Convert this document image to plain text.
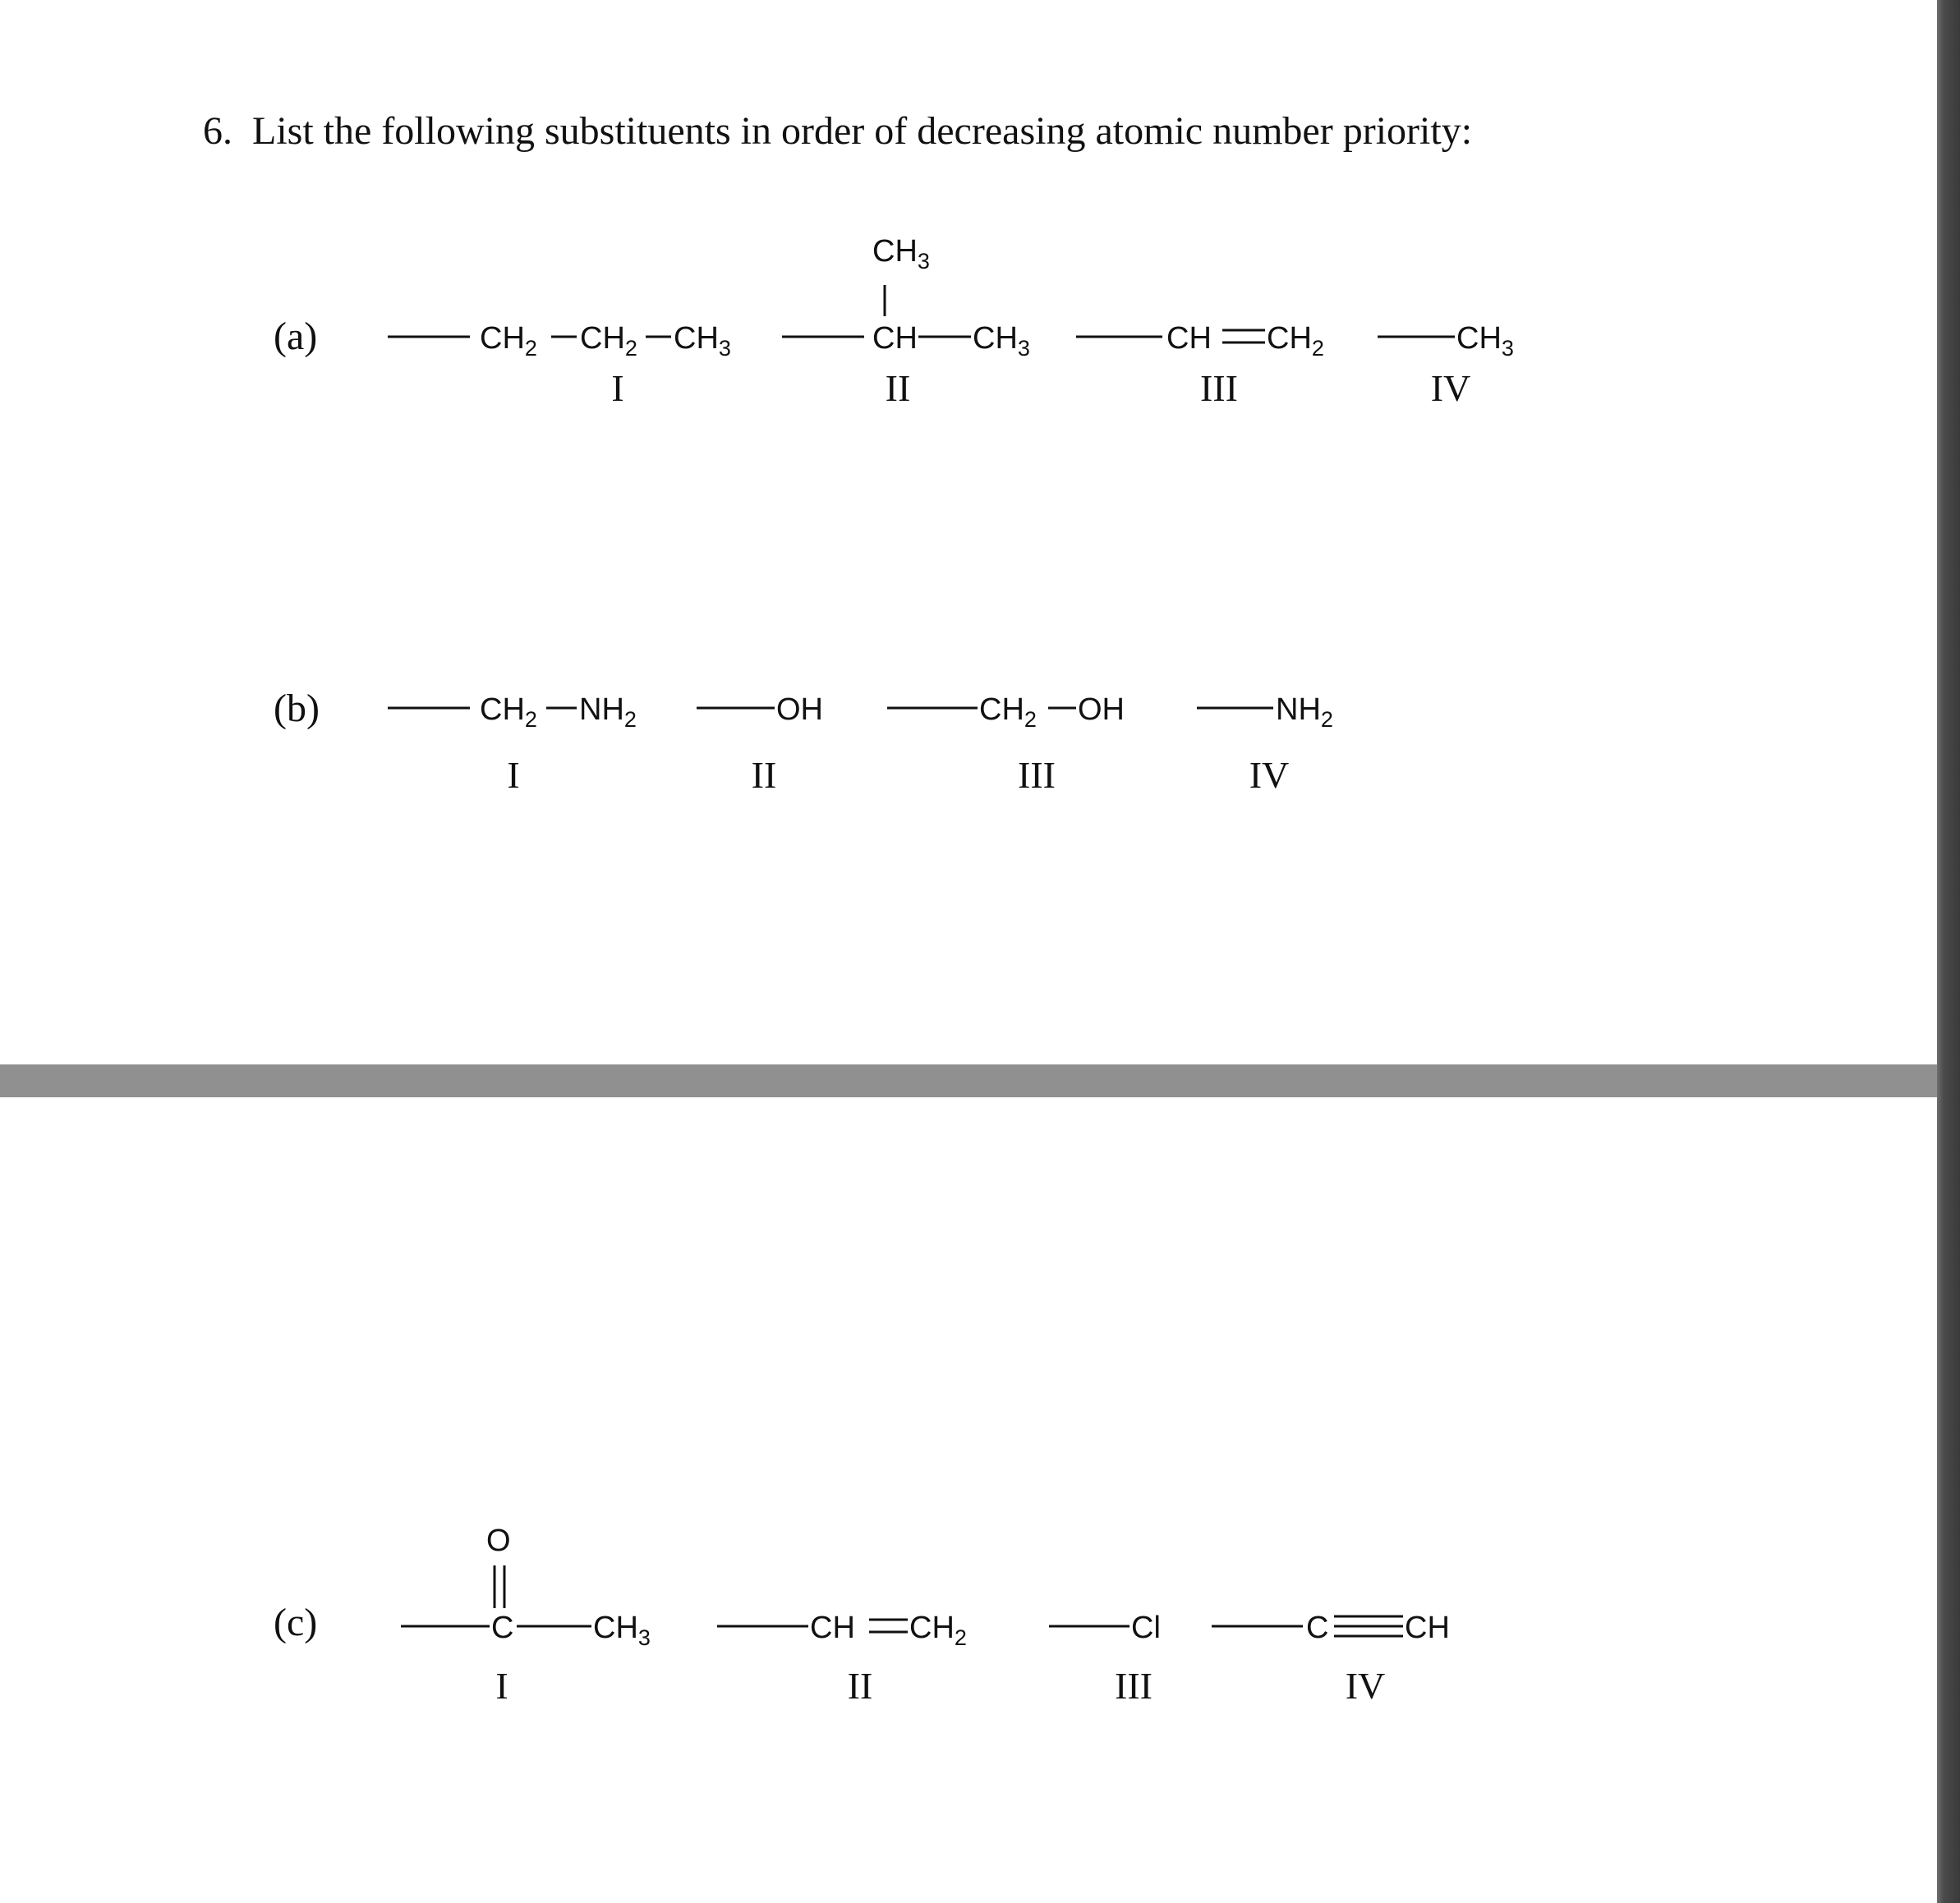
6. List the following substituents in order of decreasing atomic number priority:
(a)
(b)
(c)
I	II	III	IV
I	II	III	IV
I	II	III	IV
$CH_2$ $CH_2$ $CH_3$
$CH_3$
CH $CH_3$	CH $CH_2$	$CH_3$
$CH_2$ $NH_2$	OH	$CH_2$ OH	$NH_2$
O
C	$CH_3$	CH $CH_2$	Cl	C CH
